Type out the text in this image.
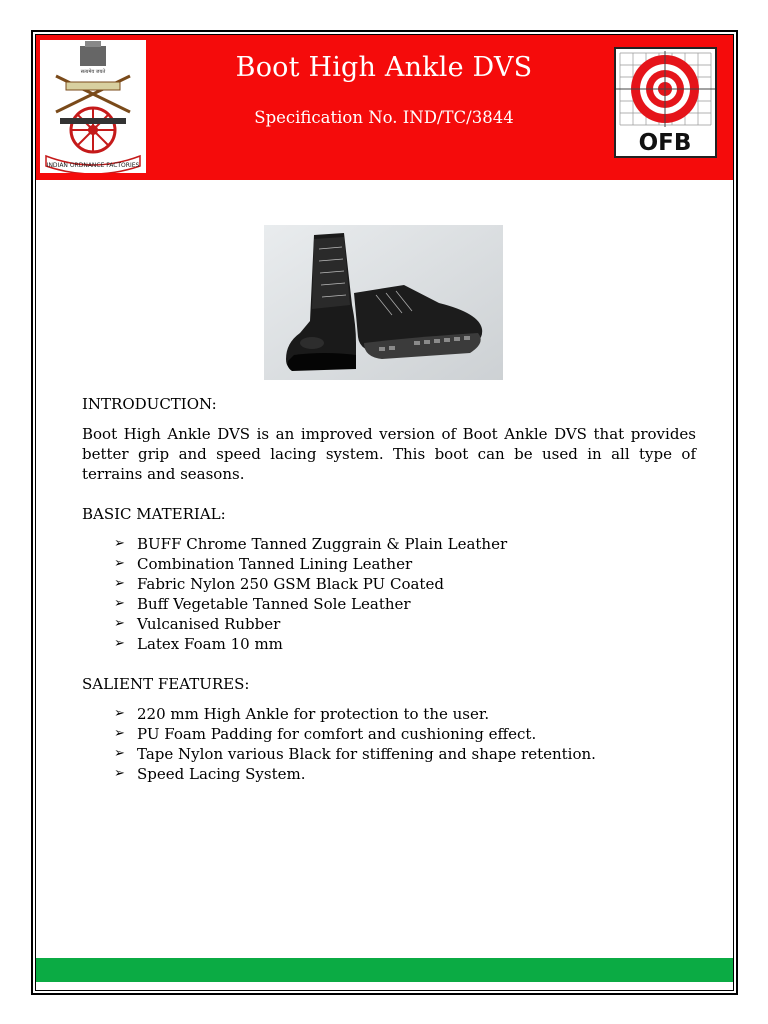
सत्यमेव जयते
INDIAN ORDNANCE FACTORIES
Boot High Ankle DVS
Specification No. IND/TC/3844
OFB
INTRODUCTION:
Boot High Ankle DVS is an improved version of Boot Ankle DVS that provides better grip and speed lacing system. This boot can be used in all type of terrains and seasons.
BASIC MATERIAL:
➢ BUFF Chrome Tanned Zuggrain & Plain Leather
➢ Combination Tanned Lining Leather
➢ Fabric Nylon 250 GSM Black PU Coated
➢ Buff Vegetable Tanned Sole Leather
➢ Vulcanised Rubber
➢ Latex Foam 10 mm
SALIENT FEATURES:
➢ 220 mm High Ankle for protection to the user.
➢ PU Foam Padding for comfort and cushioning effect.
➢ Tape Nylon various Black for stiffening and shape retention.
➢ Speed Lacing System.
